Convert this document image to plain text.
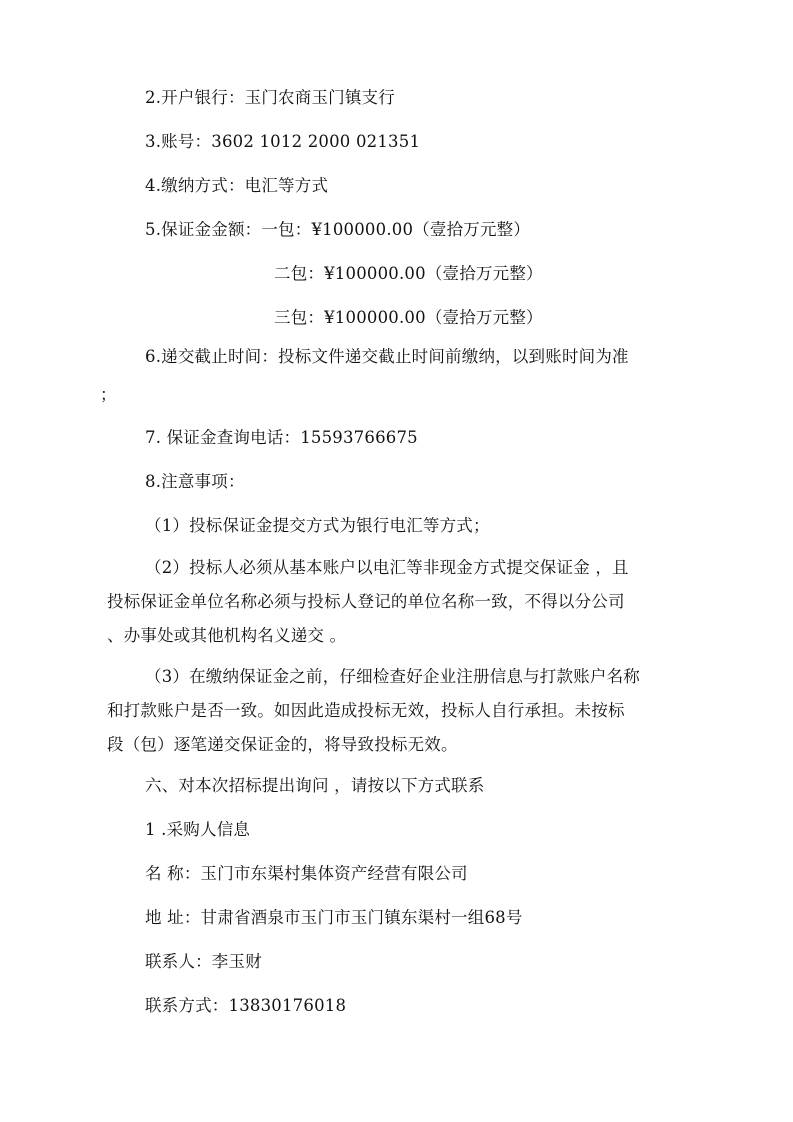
2.开户银行：玉门农商玉门镇支行
3.账号：3602 1012 2000 021351
4.缴纳方式：电汇等方式
5.保证金金额：一包：¥100000.00（壹拾万元整）
二包：¥100000.00（壹拾万元整）
三包：¥100000.00（壹拾万元整）
6.递交截止时间：投标文件递交截止时间前缴纳，以到账时间为准
；
7. 保证金查询电话：15593766675
8.注意事项：
（1）投标保证金提交方式为银行电汇等方式；
（2）投标人必须从基本账户以电汇等非现金方式提交保证金 ，且
投标保证金单位名称必须与投标人登记的单位名称一致，不得以分公司
、办事处或其他机构名义递交 。
（3）在缴纳保证金之前，仔细检查好企业注册信息与打款账户名称
和打款账户是否一致。如因此造成投标无效，投标人自行承担。未按标
段（包）逐笔递交保证金的，将导致投标无效。
六、对本次招标提出询问 ，请按以下方式联系
1 .采购人信息
名 称：玉门市东渠村集体资产经营有限公司
地 址：甘肃省酒泉市玉门市玉门镇东渠村一组68号
联系人：李玉财
联系方式：13830176018
